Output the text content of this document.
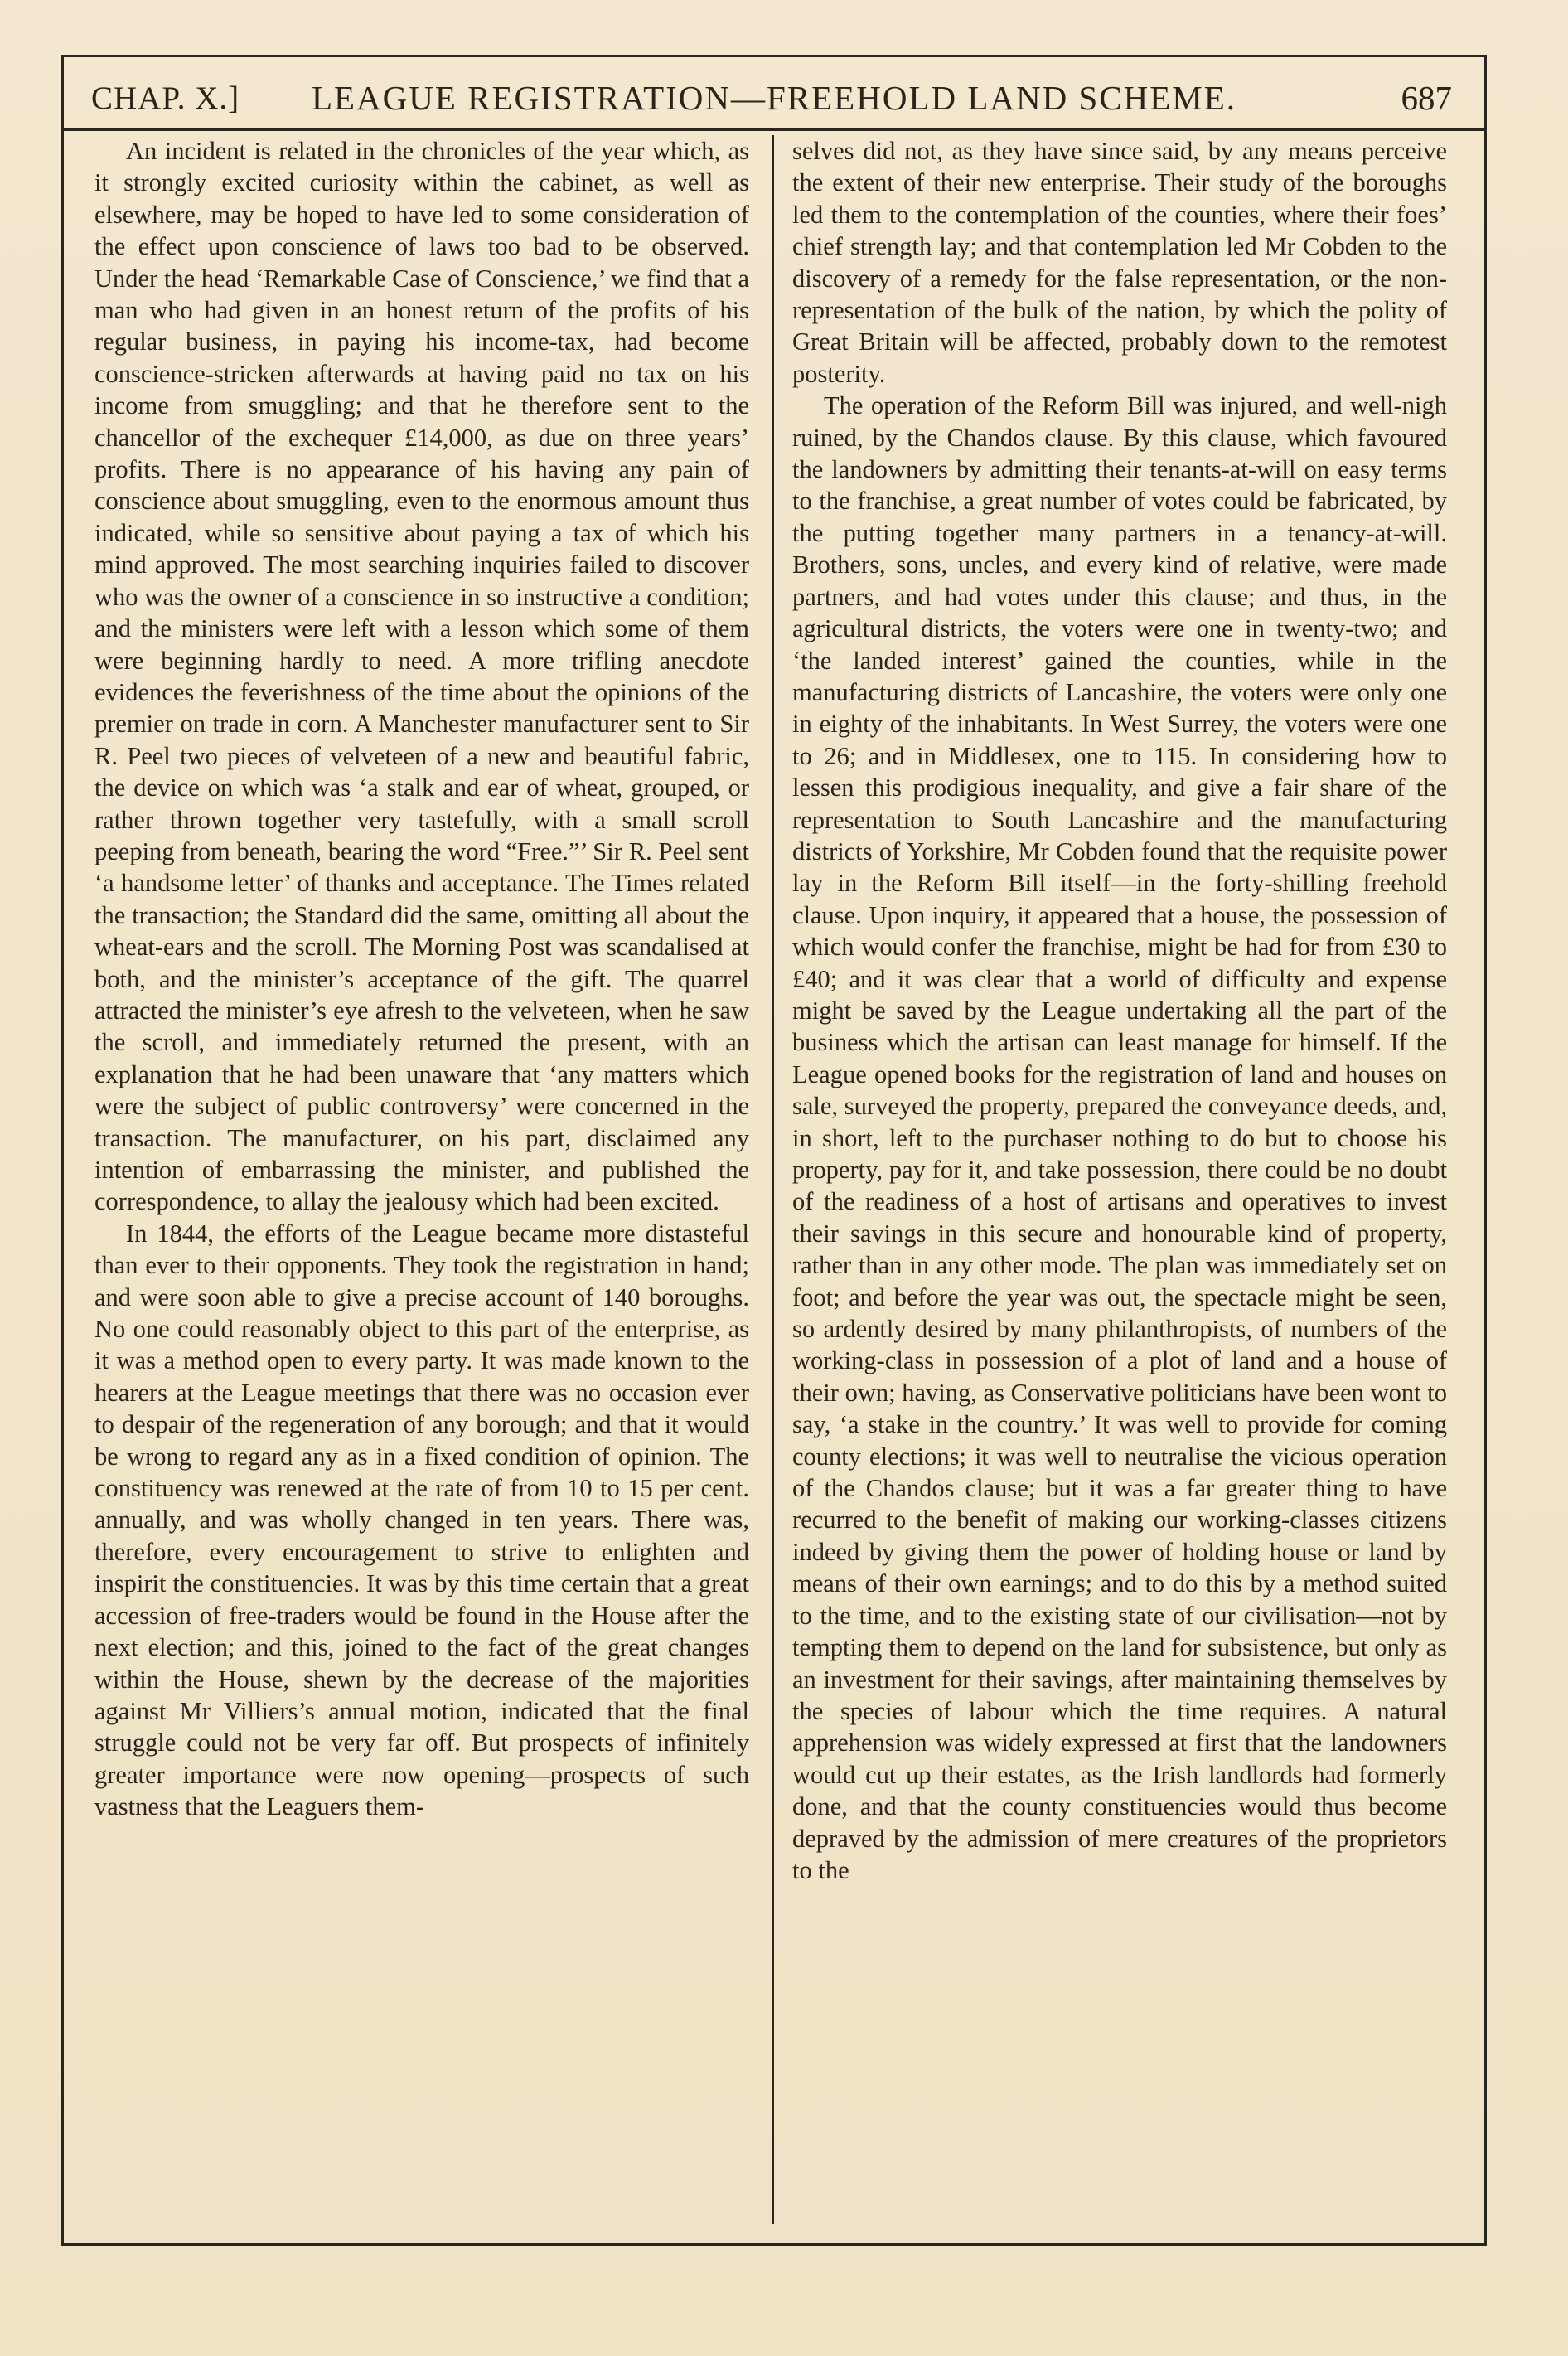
CHAP. X.]	LEAGUE REGISTRATION—FREEHOLD LAND SCHEME.	687

An incident is related in the chronicles of the year which, as it strongly excited curiosity within the cabinet, as well as elsewhere, may be hoped to have led to some consideration of the effect upon conscience of laws too bad to be observed. Under the head ‘Remarkable Case of Conscience,’ we find that a man who had given in an honest return of the profits of his regular business, in paying his income-tax, had become conscience-stricken afterwards at having paid no tax on his income from smuggling; and that he therefore sent to the chancellor of the exchequer £14,000, as due on three years’ profits. There is no appearance of his having any pain of conscience about smuggling, even to the enormous amount thus indicated, while so sensitive about paying a tax of which his mind approved. The most searching inquiries failed to discover who was the owner of a conscience in so instructive a condition; and the ministers were left with a lesson which some of them were beginning hardly to need. A more trifling anecdote evidences the feverishness of the time about the opinions of the premier on trade in corn. A Manchester manufacturer sent to Sir R. Peel two pieces of velveteen of a new and beautiful fabric, the device on which was ‘a stalk and ear of wheat, grouped, or rather thrown together very tastefully, with a small scroll peeping from beneath, bearing the word “Free.”’ Sir R. Peel sent ‘a handsome letter’ of thanks and acceptance. The Times related the transaction; the Standard did the same, omitting all about the wheat-ears and the scroll. The Morning Post was scandalised at both, and the minister’s acceptance of the gift. The quarrel attracted the minister’s eye afresh to the velveteen, when he saw the scroll, and immediately returned the present, with an explanation that he had been unaware that ‘any matters which were the subject of public controversy’ were concerned in the transaction. The manufacturer, on his part, disclaimed any intention of embarrassing the minister, and published the correspondence, to allay the jealousy which had been excited.

In 1844, the efforts of the League became more distasteful than ever to their opponents. They took the registration in hand; and were soon able to give a precise account of 140 boroughs. No one could reasonably object to this part of the enterprise, as it was a method open to every party. It was made known to the hearers at the League meetings that there was no occasion ever to despair of the regeneration of any borough; and that it would be wrong to regard any as in a fixed condition of opinion. The constituency was renewed at the rate of from 10 to 15 per cent. annually, and was wholly changed in ten years. There was, therefore, every encouragement to strive to enlighten and inspirit the constituencies. It was by this time certain that a great accession of free-traders would be found in the House after the next election; and this, joined to the fact of the great changes within the House, shewn by the decrease of the majorities against Mr Villiers’s annual motion, indicated that the final struggle could not be very far off. But prospects of infinitely greater importance were now opening—prospects of such vastness that the Leaguers them-

selves did not, as they have since said, by any means perceive the extent of their new enterprise. Their study of the boroughs led them to the contemplation of the counties, where their foes’ chief strength lay; and that contemplation led Mr Cobden to the discovery of a remedy for the false representation, or the non-representation of the bulk of the nation, by which the polity of Great Britain will be affected, probably down to the remotest posterity.

The operation of the Reform Bill was injured, and well-nigh ruined, by the Chandos clause. By this clause, which favoured the landowners by admitting their tenants-at-will on easy terms to the franchise, a great number of votes could be fabricated, by the putting together many partners in a tenancy-at-will. Brothers, sons, uncles, and every kind of relative, were made partners, and had votes under this clause; and thus, in the agricultural districts, the voters were one in twenty-two; and ‘the landed interest’ gained the counties, while in the manufacturing districts of Lancashire, the voters were only one in eighty of the inhabitants. In West Surrey, the voters were one to 26; and in Middlesex, one to 115. In considering how to lessen this prodigious inequality, and give a fair share of the representation to South Lancashire and the manufacturing districts of Yorkshire, Mr Cobden found that the requisite power lay in the Reform Bill itself—in the forty-shilling freehold clause. Upon inquiry, it appeared that a house, the possession of which would confer the franchise, might be had for from £30 to £40; and it was clear that a world of difficulty and expense might be saved by the League undertaking all the part of the business which the artisan can least manage for himself. If the League opened books for the registration of land and houses on sale, surveyed the property, prepared the conveyance deeds, and, in short, left to the purchaser nothing to do but to choose his property, pay for it, and take possession, there could be no doubt of the readiness of a host of artisans and operatives to invest their savings in this secure and honourable kind of property, rather than in any other mode. The plan was immediately set on foot; and before the year was out, the spectacle might be seen, so ardently desired by many philanthropists, of numbers of the working-class in possession of a plot of land and a house of their own; having, as Conservative politicians have been wont to say, ‘a stake in the country.’ It was well to provide for coming county elections; it was well to neutralise the vicious operation of the Chandos clause; but it was a far greater thing to have recurred to the benefit of making our working-classes citizens indeed by giving them the power of holding house or land by means of their own earnings; and to do this by a method suited to the time, and to the existing state of our civilisation—not by tempting them to depend on the land for subsistence, but only as an investment for their savings, after maintaining themselves by the species of labour which the time requires. A natural apprehension was widely expressed at first that the landowners would cut up their estates, as the Irish landlords had formerly done, and that the county constituencies would thus become depraved by the admission of mere creatures of the proprietors to the
